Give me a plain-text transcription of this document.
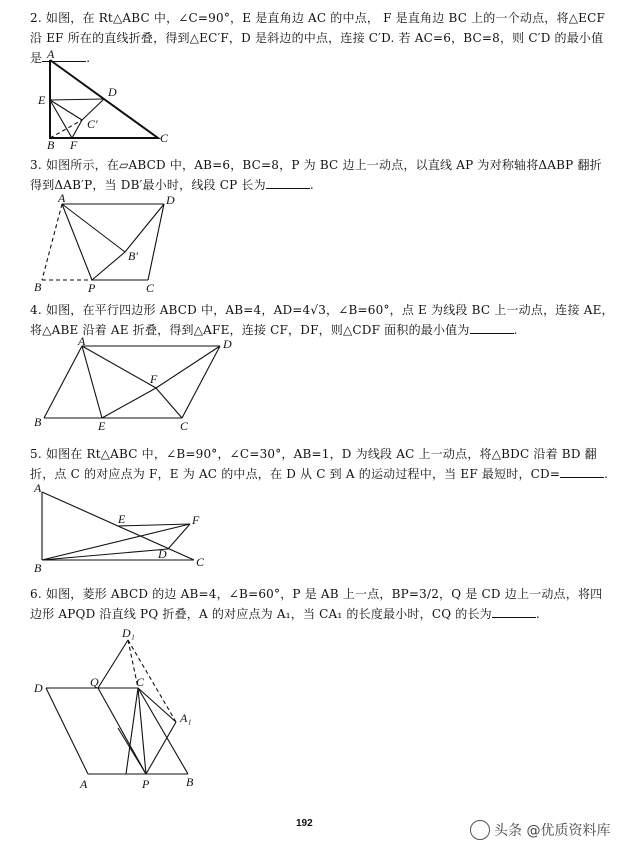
2. 如图，在 Rt△ABC 中，∠C=90°，E 是直角边 AC 的中点， F 是直角边 BC 上的一个动点，将△ECF 沿 EF 所在的直线折叠，得到△EC′F，D 是斜边的中点，连接 C′D. 若 AC=6，BC=8，则 C′D 的最小值是	.
A
E
D
C′
B F	C
3. 如图所示，在▱ABCD 中，AB=6，BC=8，P 为 BC 边上一动点，以直线 AP 为对称轴将ΔABP 翻折得到ΔAB′P，当 DB′最小时，线段 CP 长为	.
A	D
B′
B	P	C
4. 如图，在平行四边形 ABCD 中，AB=4，AD=4√3，∠B=60°，点 E 为线段 BC 上一动点，连接 AE，将△ABE 沿着 AE 折叠，得到△AFE，连接 CF，DF，则△CDF 面积的最小值为	.
A	D
F
B	E	C
5. 如图在 Rt△ABC 中，∠B=90°，∠C=30°，AB=1，D 为线段 AC 上一动点，将△BDC 沿着 BD 翻折，点 C 的对应点为 F，E 为 AC 的中点，在 D 从 C 到 A 的运动过程中，当 EF 最短时，CD=	.
A
E	F
D
B	C
6. 如图，菱形 ABCD 的边 AB=4，∠B=60°，P 是 AB 上一点，BP=3/2，Q 是 CD 边上一动点，将四边形 APQD 沿直线 PQ 折叠，A 的对应点为 A₁，当 CA₁ 的长度最小时，CQ 的长为	.
D₁
D	Q	C
A₁
A	P	B
192	头条 @优质资料库
